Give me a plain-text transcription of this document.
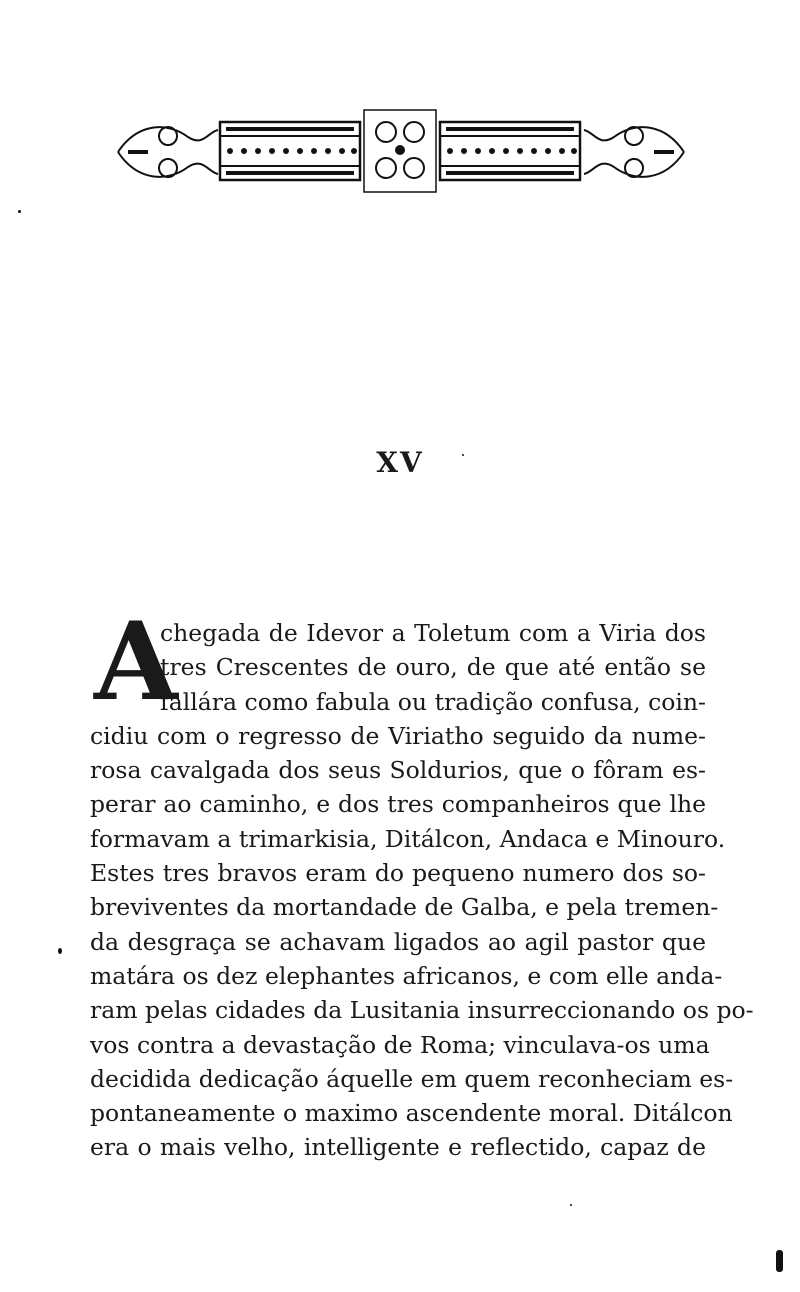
XV
A
chegada de Idevor a Toletum com a Viria dos
tres Crescentes de ouro, de que até então se
fallára como fabula ou tradição confusa, coin-
cidiu com o regresso de Viriatho seguido da nume-
rosa cavalgada dos seus Soldurios, que o fôram es-
perar ao caminho, e dos tres companheiros que lhe
formavam a trimarkisia, Ditálcon, Andaca e Minouro.
Estes tres bravos eram do pequeno numero dos so-
breviventes da mortandade de Galba, e pela tremen-
da desgraça se achavam ligados ao agil pastor que
matára os dez elephantes africanos, e com elle anda-
ram pelas cidades da Lusitania insurreccionando os po-
vos contra a devastação de Roma; vinculava-os uma
decidida dedicação áquelle em quem reconheciam es-
pontaneamente o maximo ascendente moral. Ditálcon
era o mais velho, intelligente e reflectido, capaz de
